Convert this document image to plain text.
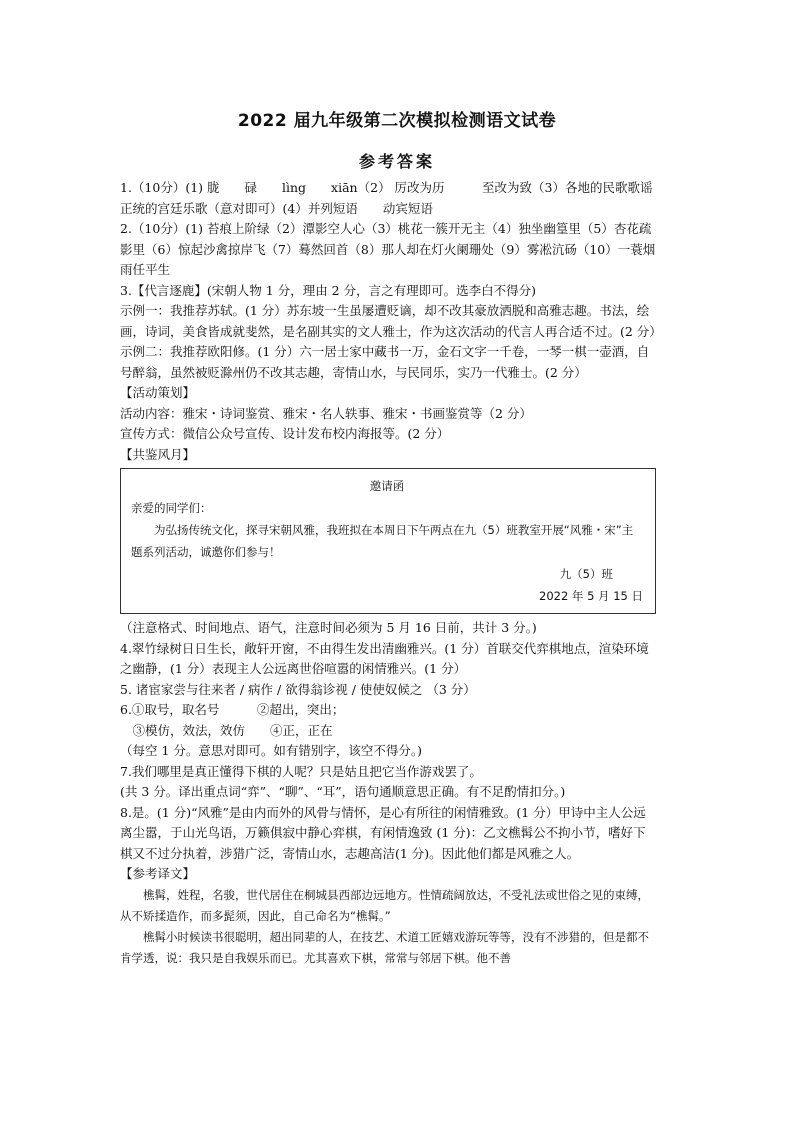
2022 届九年级第二次模拟检测语文试卷
参考答案

1.（10分）(1) 胧　　碌　　lìng　　xiān（2） 厉改为历　　　至改为致（3）各地的民歌歌谣　正统的宫廷乐歌（意对即可）(4）并列短语　　动宾短语

2.（10分）(1) 苔痕上阶绿（2）潭影空人心（3）桃花一簇开无主（4）独坐幽篁里（5）杏花疏影里（6）惊起沙禽掠岸飞（7）蓦然回首（8）那人却在灯火阑珊处（9）雾凇沆砀（10）一蓑烟雨任平生

3.【代言逐鹿】(宋朝人物 1 分，理由 2 分，言之有理即可。选李白不得分)

示例一：我推荐苏轼。(1 分）苏东坡一生虽屡遭贬谪，却不改其豪放洒脱和高雅志趣。书法，绘画，诗词，美食皆成就斐然，是名副其实的文人雅士，作为这次活动的代言人再合适不过。(2 分）

示例二：我推荐欧阳修。(1 分）六一居士家中藏书一万，金石文字一千卷，一琴一棋一壶酒，自号醉翁，虽然被贬滁州仍不改其志趣，寄情山水，与民同乐，实乃一代雅士。(2 分）

【活动策划】

活动内容：雅宋・诗词鉴赏、雅宋・名人轶事、雅宋・书画鉴赏等（2 分）

宣传方式：微信公众号宣传、设计发布校内海报等。(2 分）

【共鉴风月】

邀请函
亲爱的同学们：

为弘扬传统文化，探寻宋朝风雅，我班拟在本周日下午两点在九（5）班教室开展“风雅・宋”主题系列活动，诚邀你们参与！

九（5）班
2022 年 5 月 15 日

（注意格式、时间地点、语气，注意时间必须为 5 月 16 日前，共计 3 分。)

4.翠竹绿树日日生长，敞轩开窗，不由得生发出清幽雅兴。(1 分）首联交代弈棋地点，渲染环境之幽静，(1 分）表现主人公远离世俗喧嚣的闲情雅兴。(1 分）

5. 诸宦家尝与往来者 / 病作 / 欲得翁诊视 / 使使奴候之 （3 分）

6.①取号，取名号　　　②超出，突出；

　③模仿，效法，效仿　　④正，正在

（每空 1 分。意思对即可。如有错别字，该空不得分。)

7.我们哪里是真正懂得下棋的人呢？只是姑且把它当作游戏罢了。

(共 3 分。译出重点词“弈”、“聊”、“耳”，语句通顺意思正确。有不足酌情扣分。)

8.是。(1 分)“风雅”是由内而外的风骨与情怀，是心有所往的闲情雅致。(1 分）甲诗中主人公远离尘嚣，于山光鸟语，万籁俱寂中静心弈棋，有闲情逸致 (1 分)：乙文樵髯公不拘小节，嗜好下棋又不过分执着，涉猎广泛，寄情山水，志趣高洁(1 分)。因此他们都是风雅之人。

【参考译文】

樵髯，姓程，名骏，世代居住在桐城县西部边远地方。性情疏阔放达，不受礼法或世俗之见的束缚，从不矫揉造作，而多髭须，因此，自己命名为“樵髯。”

樵髯小时候读书很聪明，超出同辈的人，在技艺、术道工匠嬉戏游玩等等，没有不涉猎的，但是都不肯学透，说：我只是自我娱乐而已。尤其喜欢下棋，常常与邻居下棋。他不善
